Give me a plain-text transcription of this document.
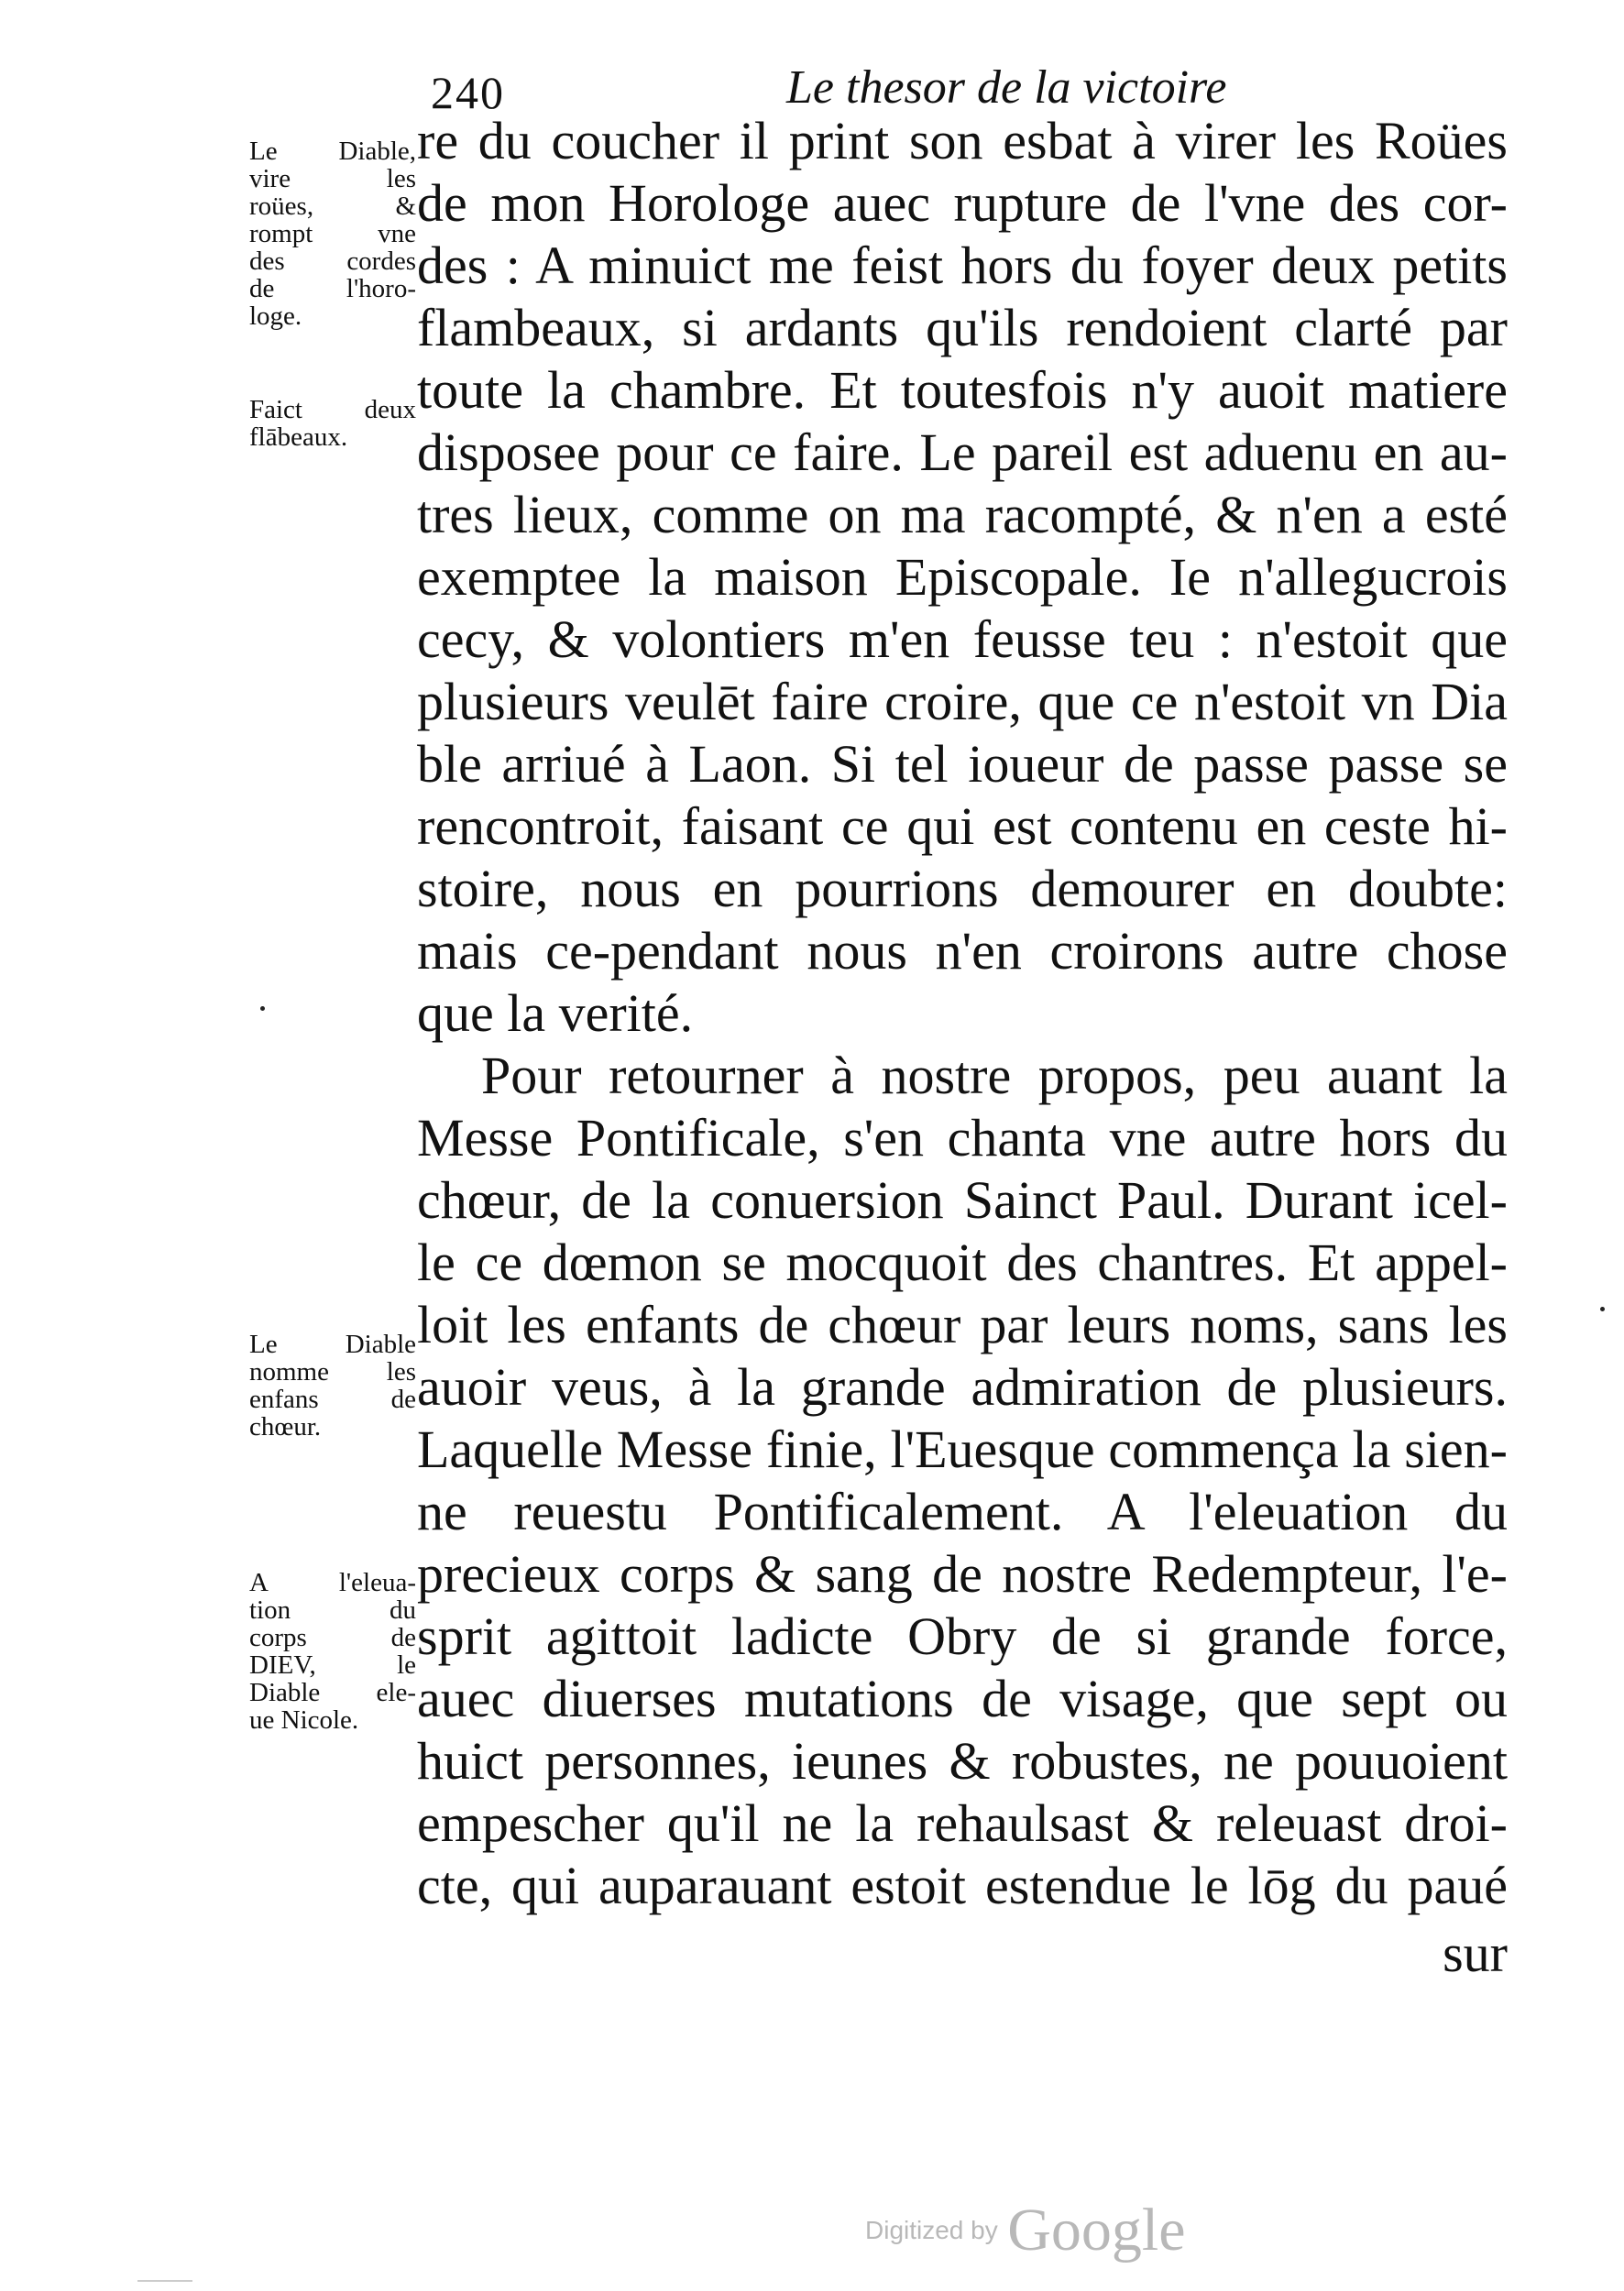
240	Le thesor de la victoire
re du coucher il print son esbat à virer les Roües
de mon Horologe auec rupture de l'vne des cor-
des : A minuict me feist hors du foyer deux petits
flambeaux, si ardants qu'ils rendoient clarté par
toute la chambre. Et toutesfois n'y auoit matiere
disposee pour ce faire. Le pareil est aduenu en au-
tres lieux, comme on ma racompté, & n'en a esté
exemptee la maison Episcopale. Ie n'allegucrois
cecy, & volontiers m'en feusse teu : n'estoit que
plusieurs veulēt faire croire, que ce n'estoit vn Dia
ble arriué à Laon. Si tel ioueur de passe passe se
rencontroit, faisant ce qui est contenu en ceste hi-
stoire, nous en pourrions demourer en doubte:
mais ce-pendant nous n'en croirons autre chose
que la verité.
Pour retourner à nostre propos, peu auant la
Messe Pontificale, s'en chanta vne autre hors du
chœur, de la conuersion Sainct Paul. Durant icel-
le ce dœmon se mocquoit des chantres. Et appel-
loit les enfants de chœur par leurs noms, sans les
auoir veus, à la grande admiration de plusieurs.
Laquelle Messe finie, l'Euesque commença la sien-
ne reuestu Pontificalement. A l'eleuation du
precieux corps & sang de nostre Redempteur, l'e-
sprit agittoit ladicte Obry de si grande force,
auec diuerses mutations de visage, que sept ou
huict personnes, ieunes & robustes, ne pouuoient
empescher qu'il ne la rehaulsast & releuast droi-
cte, qui auparauant estoit estendue le lōg du paué
sur
Le Diable,
vire les
roües, &
rompt vne
des cordes
de l'horo-
loge.
Faict deux
flābeaux.
Le Diable
nomme les
enfans de
chœur.
A l'eleua-
tion du
corps de
DIEV, le
Diable ele-
ue Nicole.
Digitized by Google
